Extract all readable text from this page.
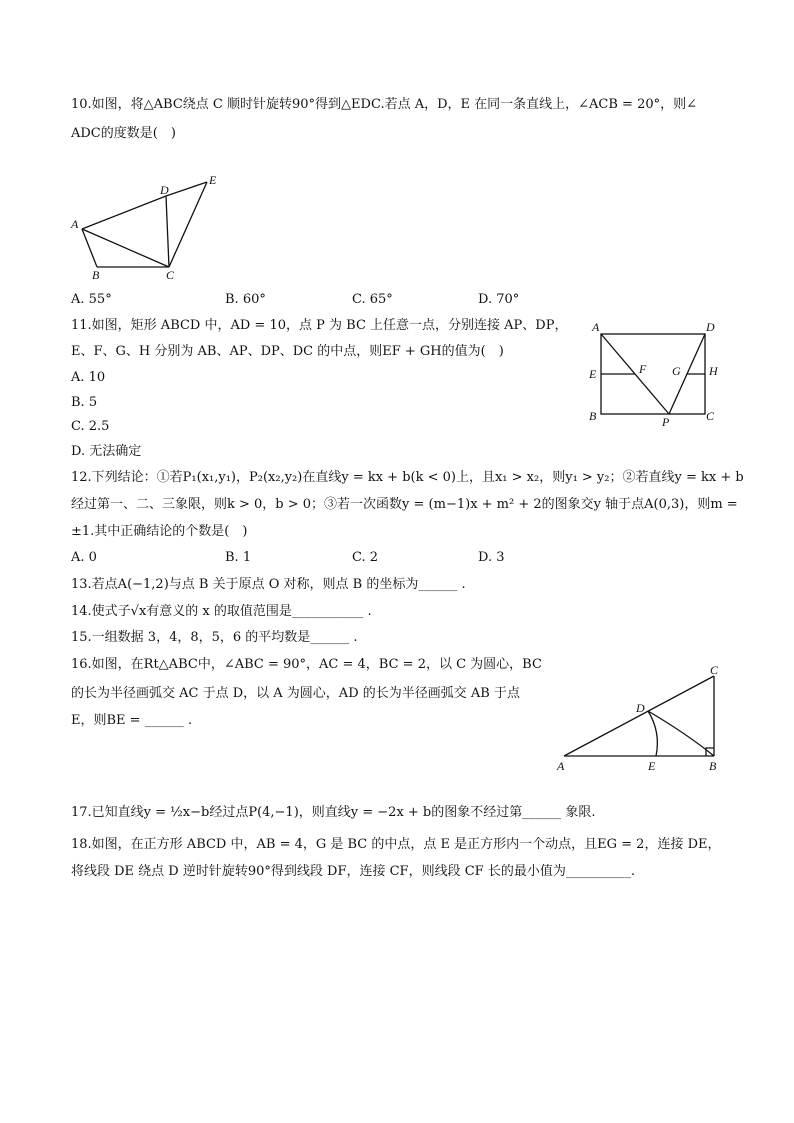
10.如图，将△ABC绕点 C 顺时针旋转90°得到△EDC.若点 A，D，E 在同一条直线上，∠ACB = 20°，则∠
ADC的度数是(　)
A
B	C
D
E
A. 55°	B. 60°	C. 65°	D. 70°
11.如图，矩形 ABCD 中，AD = 10，点 P 为 BC 上任意一点，分别连接 AP、DP，
E、F、G、H 分别为 AB、AP、DP、DC 的中点，则EF + GH的值为(　)
A. 10
B. 5
C. 2.5
D. 无法确定
A	D
E	F G H
B	C
P
12.下列结论：①若P₁(x₁,y₁)，P₂(x₂,y₂)在直线y = kx + b(k < 0)上，且x₁ > x₂，则y₁ > y₂；②若直线y = kx + b
经过第一、二、三象限，则k > 0，b > 0；③若一次函数y = (m−1)x + m² + 2的图象交y 轴于点A(0,3)，则m =
±1.其中正确结论的个数是(　)
A. 0	B. 1	C. 2	D. 3
13.若点A(−1,2)与点 B 关于原点 O 对称，则点 B 的坐标为______ .
14.使式子√x有意义的 x 的取值范围是___________ .
15.一组数据 3，4，8，5，6 的平均数是______ .
16.如图，在Rt△ABC中，∠ABC = 90°，AC = 4，BC = 2，以 C 为圆心，BC
的长为半径画弧交 AC 于点 D，以 A 为圆心，AD 的长为半径画弧交 AB 于点
E，则BE = ______ .
A	E	B
D
C
17.已知直线y = ½x−b经过点P(4,−1)，则直线y = −2x + b的图象不经过第______ 象限.
18.如图，在正方形 ABCD 中，AB = 4，G 是 BC 的中点，点 E 是正方形内一个动点，且EG = 2，连接 DE，
将线段 DE 绕点 D 逆时针旋转90°得到线段 DF，连接 CF，则线段 CF 长的最小值为__________.
